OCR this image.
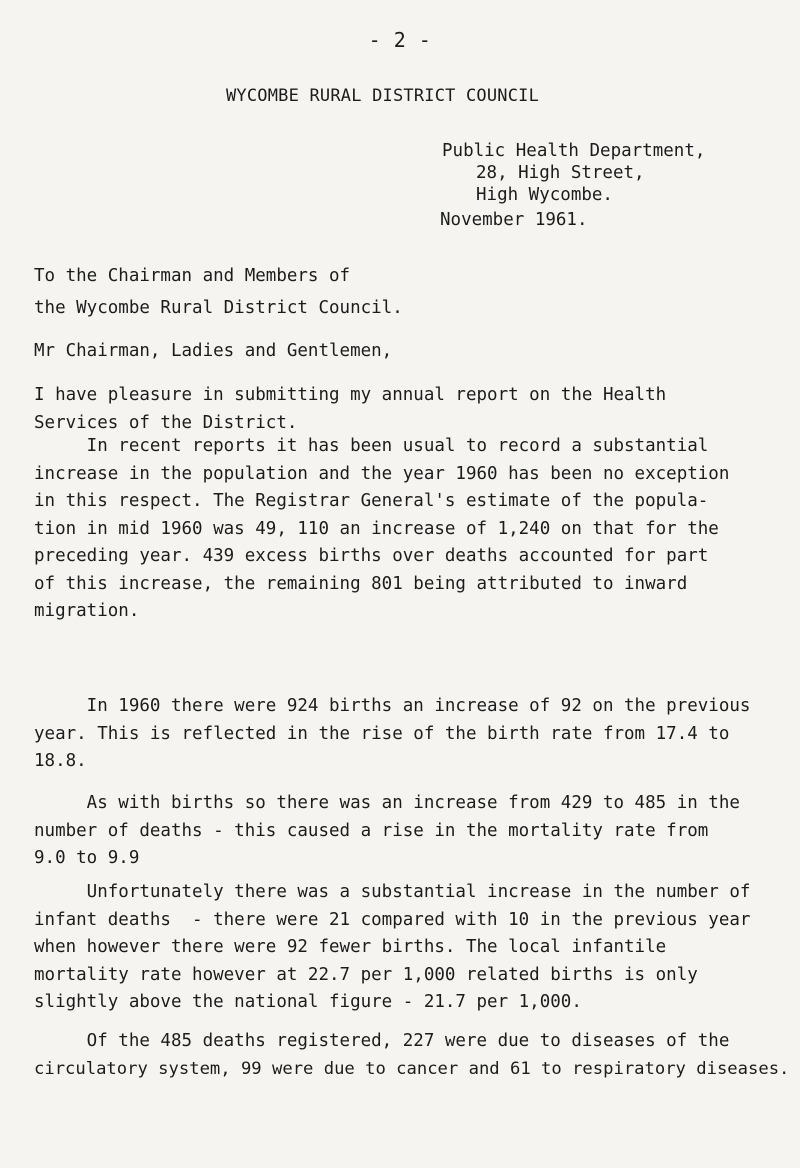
- 2 -
WYCOMBE RURAL DISTRICT COUNCIL
Public Health Department,
28, High Street,
High Wycombe.
November 1961.
To the Chairman and Members of
the Wycombe Rural District Council.
Mr Chairman, Ladies and Gentlemen,
I have pleasure in submitting my annual report on the Health
Services of the District.
In recent reports it has been usual to record a substantial
increase in the population and the year 1960 has been no exception
in this respect. The Registrar General's estimate of the popula-
tion in mid 1960 was 49, 110 an increase of 1,240 on that for the
preceding year. 439 excess births over deaths accounted for part
of this increase, the remaining 801 being attributed to inward
migration.
In 1960 there were 924 births an increase of 92 on the previous
year. This is reflected in the rise of the birth rate from 17.4 to
18.8.
As with births so there was an increase from 429 to 485 in the
number of deaths - this caused a rise in the mortality rate from
9.0 to 9.9
Unfortunately there was a substantial increase in the number of
infant deaths  - there were 21 compared with 10 in the previous year
when however there were 92 fewer births. The local infantile
mortality rate however at 22.7 per 1,000 related births is only
slightly above the national figure - 21.7 per 1,000.
Of the 485 deaths registered, 227 were due to diseases of the
circulatory system, 99 were due to cancer and 61 to respiratory diseases.
